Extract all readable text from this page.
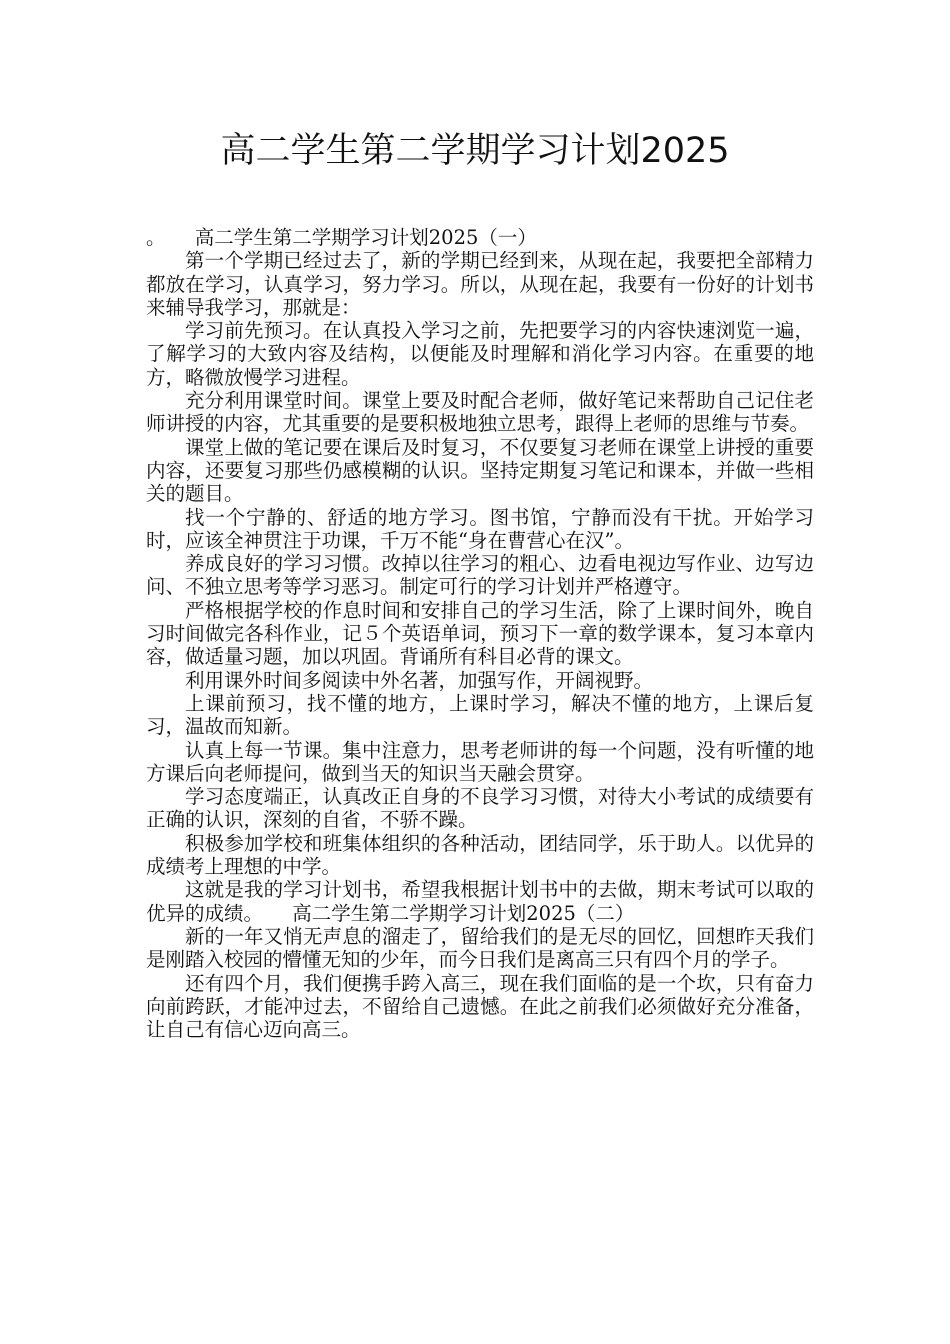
高二学生第二学期学习计划2025

。　　高二学生第二学期学习计划2025（一）

第一个学期已经过去了，新的学期已经到来，从现在起，我要把全部精力都放在学习，认真学习，努力学习。所以，从现在起，我要有一份好的计划书来辅导我学习，那就是：

学习前先预习。在认真投入学习之前，先把要学习的内容快速浏览一遍，了解学习的大致内容及结构，以便能及时理解和消化学习内容。在重要的地方，略微放慢学习进程。

充分利用课堂时间。课堂上要及时配合老师，做好笔记来帮助自己记住老师讲授的内容，尤其重要的是要积极地独立思考，跟得上老师的思维与节奏。

课堂上做的笔记要在课后及时复习，不仅要复习老师在课堂上讲授的重要内容，还要复习那些仍感模糊的认识。坚持定期复习笔记和课本，并做一些相关的题目。

找一个宁静的、舒适的地方学习。图书馆，宁静而没有干扰。开始学习时，应该全神贯注于功课，千万不能“身在曹营心在汉”。

养成良好的学习习惯。改掉以往学习的粗心、边看电视边写作业、边写边问、不独立思考等学习恶习。制定可行的学习计划并严格遵守。

严格根据学校的作息时间和安排自己的学习生活，除了上课时间外，晚自习时间做完各科作业，记５个英语单词，预习下一章的数学课本，复习本章内容，做适量习题，加以巩固。背诵所有科目必背的课文。

利用课外时间多阅读中外名著，加强写作，开阔视野。

上课前预习，找不懂的地方，上课时学习，解决不懂的地方，上课后复习，温故而知新。

认真上每一节课。集中注意力，思考老师讲的每一个问题，没有听懂的地方课后向老师提问，做到当天的知识当天融会贯穿。

学习态度端正，认真改正自身的不良学习习惯，对待大小考试的成绩要有正确的认识，深刻的自省，不骄不躁。

积极参加学校和班集体组织的各种活动，团结同学，乐于助人。以优异的成绩考上理想的中学。

这就是我的学习计划书，希望我根据计划书中的去做，期末考试可以取的优异的成绩。　　高二学生第二学期学习计划2025（二）

新的一年又悄无声息的溜走了，留给我们的是无尽的回忆，回想昨天我们是刚踏入校园的懵懂无知的少年，而今日我们是离高三只有四个月的学子。

还有四个月，我们便携手跨入高三，现在我们面临的是一个坎，只有奋力向前跨跃，才能冲过去，不留给自己遗憾。在此之前我们必须做好充分准备，让自己有信心迈向高三。
